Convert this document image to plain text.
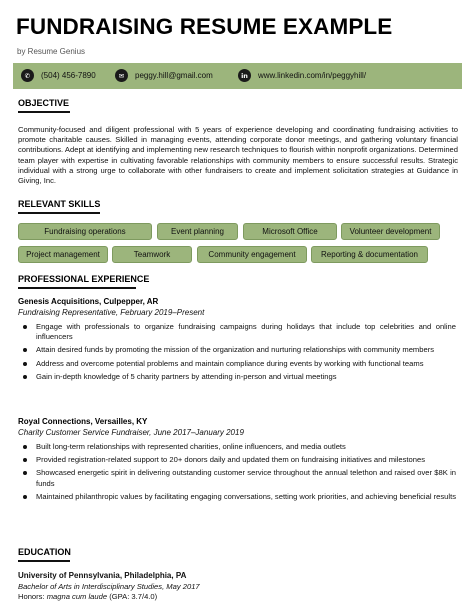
FUNDRAISING RESUME EXAMPLE
by Resume Genius
✆	(504) 456-7890	✉	peggy.hill@gmail.com	in	www.linkedin.com/in/peggyhill/
OBJECTIVE
Community-focused and diligent professional with 5 years of experience developing and coordinating fundraising activities to promote charitable causes. Skilled in managing events, attending corporate donor meetings, and gathering voluntary financial contributions. Adept at identifying and implementing new research techniques to flourish within nonprofit organizations. Determined team player with expertise in cultivating favorable relationships with community members to ensure successful results. Strategic individual with a strong urge to collaborate with other fundraisers to create and implement solicitation strategies at Guidance in Giving, Inc.
RELEVANT SKILLS
Fundraising operations	Event planning	Microsoft Office	Volunteer development
Project management	Teamwork	Community engagement	Reporting & documentation
PROFESSIONAL EXPERIENCE
Genesis Acquisitions, Culpepper, AR
Fundraising Representative, February 2019–Present
Engage with professionals to organize fundraising campaigns during holidays that include top celebrities and online influencers
Attain desired funds by promoting the mission of the organization and nurturing relationships with community members
Address and overcome potential problems and maintain compliance during events by working with functional teams
Gain in-depth knowledge of 5 charity partners by attending in-person and virtual meetings
Royal Connections, Versailles, KY
Charity Customer Service Fundraiser, June 2017–January 2019
Built long-term relationships with represented charities, online influencers, and media outlets
Provided registration-related support to 20+ donors daily and updated them on fundraising initiatives and milestones
Showcased energetic spirit in delivering outstanding customer service throughout the annual telethon and raised over $8K in funds
Maintained philanthropic values by facilitating engaging conversations, setting work priorities, and achieving beneficial results
EDUCATION
University of Pennsylvania, Philadelphia, PA
Bachelor of Arts in Interdisciplinary Studies, May 2017
Honors: magna cum laude (GPA: 3.7/4.0)
